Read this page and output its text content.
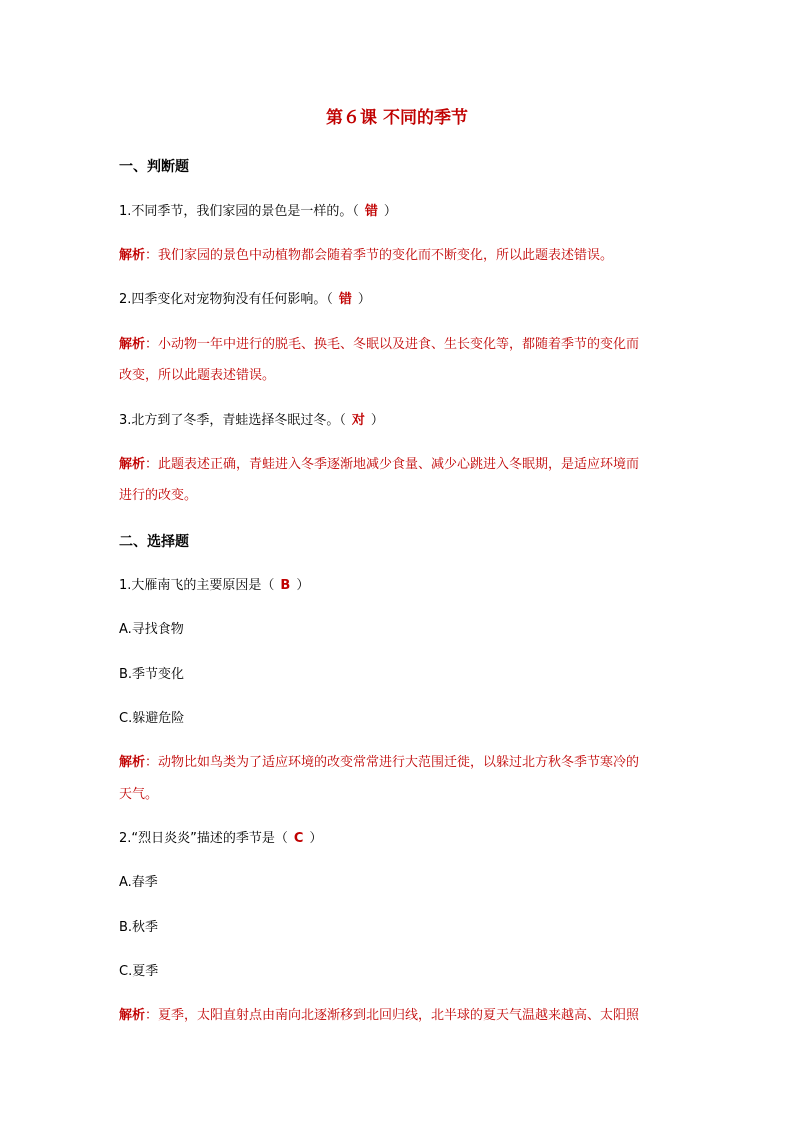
第６课 不同的季节

一、判断题

1.不同季节，我们家园的景色是一样的。（ 错 ）

解析：我们家园的景色中动植物都会随着季节的变化而不断变化，所以此题表述错误。

2.四季变化对宠物狗没有任何影响。（ 错 ）

解析：小动物一年中进行的脱毛、换毛、冬眠以及进食、生长变化等，都随着季节的变化而

改变，所以此题表述错误。

3.北方到了冬季，青蛙选择冬眠过冬。（ 对 ）

解析：此题表述正确，青蛙进入冬季逐渐地减少食量、减少心跳进入冬眠期，是适应环境而

进行的改变。

二、选择题

1.大雁南飞的主要原因是（ B ）

A.寻找食物

B.季节变化

C.躲避危险

解析：动物比如鸟类为了适应环境的改变常常进行大范围迁徙，以躲过北方秋冬季节寒冷的

天气。

2.“烈日炎炎”描述的季节是（ C ）

A.春季

B.秋季

C.夏季

解析：夏季，太阳直射点由南向北逐渐移到北回归线，北半球的夏天气温越来越高、太阳照
